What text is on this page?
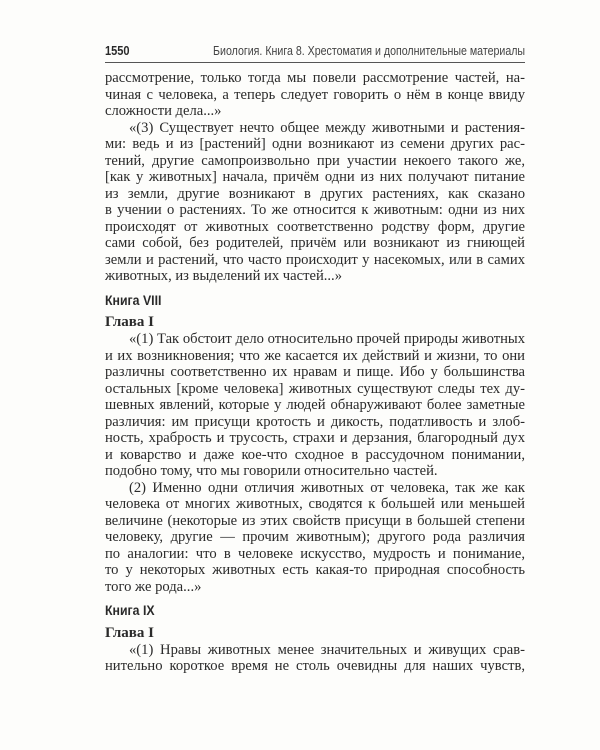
1550	Биология. Книга 8. Хрестоматия и дополнительные материалы
рассмотрение, только тогда мы повели рассмотрение частей, на-
чиная с человека, а теперь следует говорить о нём в конце ввиду
сложности дела...»
«(3) Существует нечто общее между животными и растения-
ми: ведь и из [растений] одни возникают из семени других рас-
тений, другие самопроизвольно при участии некоего такого же,
[как у животных] начала, причём одни из них получают питание
из земли, другие возникают в других растениях, как сказано
в учении о растениях. То же относится к животным: одни из них
происходят от животных соответственно родству форм, другие
сами собой, без родителей, причём или возникают из гниющей
земли и растений, что часто происходит у насекомых, или в самих
животных, из выделений их частей...»
Книга VIII
Глава I
«(1) Так обстоит дело относительно прочей природы животных
и их возникновения; что же касается их действий и жизни, то они
различны соответственно их нравам и пище. Ибо у большинства
остальных [кроме человека] животных существуют следы тех ду-
шевных явлений, которые у людей обнаруживают более заметные
различия: им присущи кротость и дикость, податливость и злоб-
ность, храбрость и трусость, страхи и дерзания, благородный дух
и коварство и даже кое-что сходное в рассудочном понимании,
подобно тому, что мы говорили относительно частей.
(2) Именно одни отличия животных от человека, так же как
человека от многих животных, сводятся к большей или меньшей
величине (некоторые из этих свойств присущи в большей степени
человеку, другие — прочим животным); другого рода различия
по аналогии: что в человеке искусство, мудрость и понимание,
то у некоторых животных есть какая-то природная способность
того же рода...»
Книга IX
Глава I
«(1) Нравы животных менее значительных и живущих срав-
нительно короткое время не столь очевидны для наших чувств,
